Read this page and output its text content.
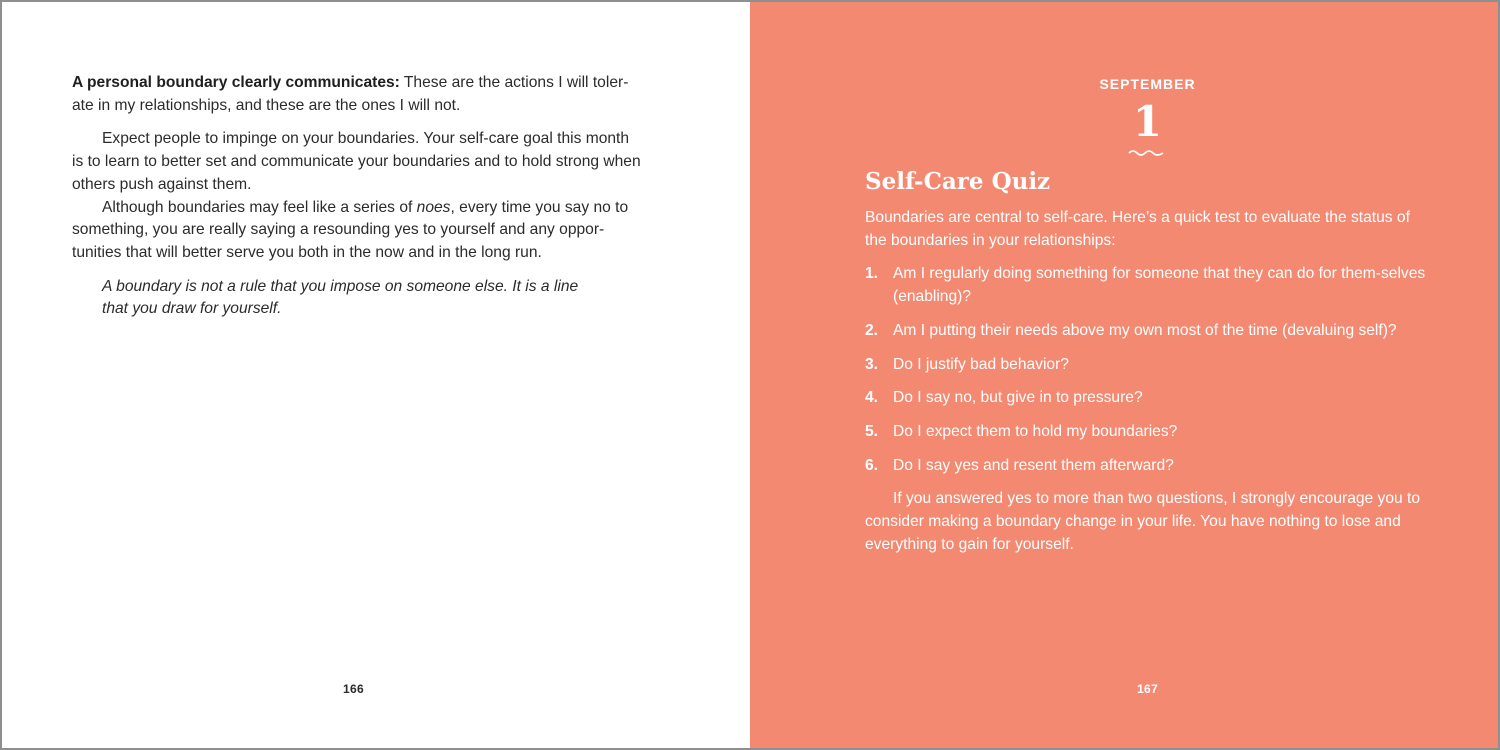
A personal boundary clearly communicates: These are the actions I will toler-ate in my relationships, and these are the ones I will not.

Expect people to impinge on your boundaries. Your self-care goal this month is to learn to better set and communicate your boundaries and to hold strong when others push against them.

Although boundaries may feel like a series of noes, every time you say no to something, you are really saying a resounding yes to yourself and any oppor-tunities that will better serve you both in the now and in the long run.

A boundary is not a rule that you impose on someone else. It is a line that you draw for yourself.

166
SEPTEMBER
1
Self-Care Quiz

Boundaries are central to self-care. Here’s a quick test to evaluate the status of the boundaries in your relationships:

1. Am I regularly doing something for someone that they can do for them-selves (enabling)?
2. Am I putting their needs above my own most of the time (devaluing self)?
3. Do I justify bad behavior?
4. Do I say no, but give in to pressure?
5. Do I expect them to hold my boundaries?
6. Do I say yes and resent them afterward?

If you answered yes to more than two questions, I strongly encourage you to consider making a boundary change in your life. You have nothing to lose and everything to gain for yourself.

167
